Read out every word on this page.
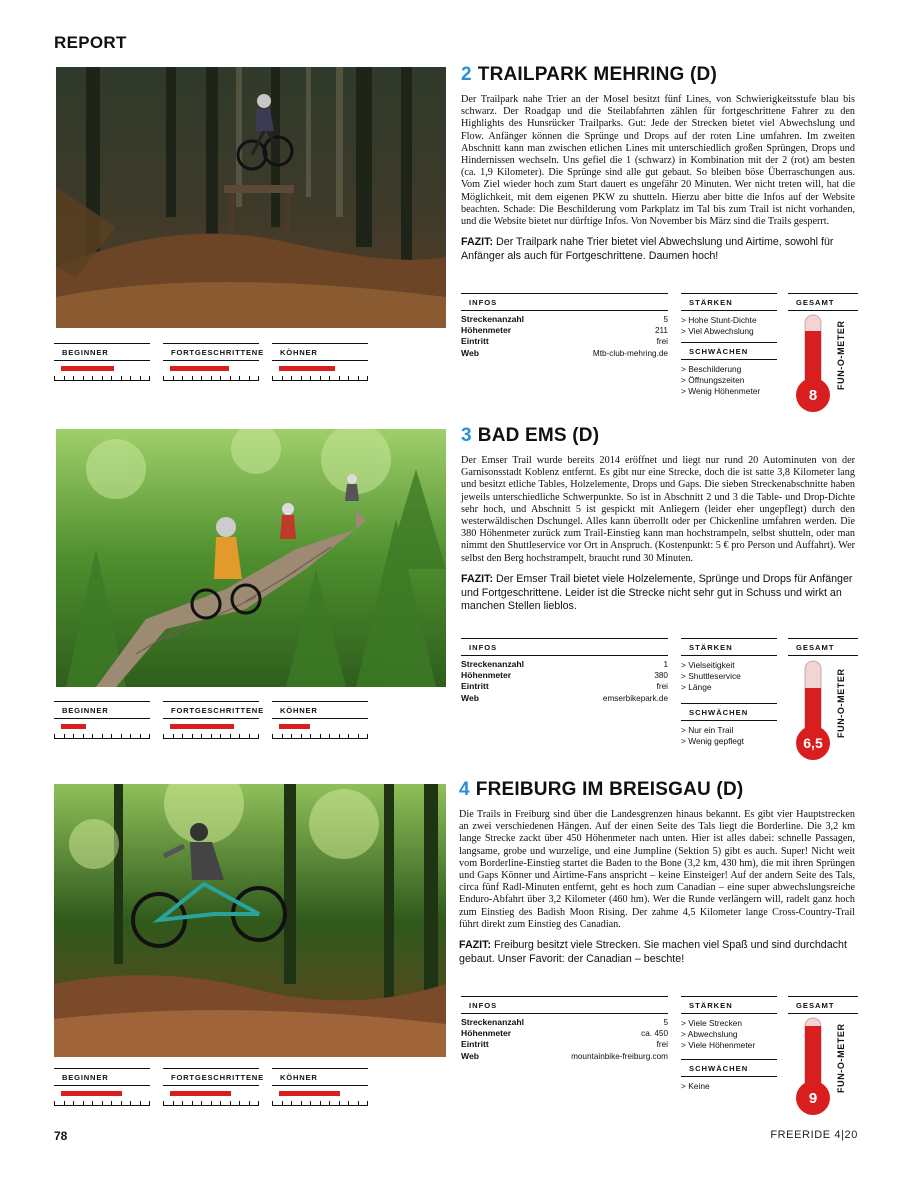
REPORT
BEGINNER	FORTGESCHRITTENE	KÖHNER
2 TRAILPARK MEHRING (D)

Der Trailpark nahe Trier an der Mosel besitzt fünf Lines, von Schwierigkeitsstufe blau bis schwarz. Der Roadgap und die Steilabfahrten zählen für fortgeschrittene Fahrer zu den Highlights des Hunsrücker Trailparks. Gut: Jede der Strecken bietet viel Abwechslung und Flow. Anfänger können die Sprünge und Drops auf der roten Line umfahren. Im zweiten Abschnitt kann man zwischen etlichen Lines mit unterschiedlich großen Sprüngen, Drops und Hindernissen wechseln. Uns gefiel die 1 (schwarz) in Kombination mit der 2 (rot) am besten (ca. 1,9 Kilometer). Die Sprünge sind alle gut gebaut. So bleiben böse Überraschungen aus. Vom Ziel wieder hoch zum Start dauert es ungefähr 20 Minuten. Wer nicht treten will, hat die Möglichkeit, mit dem eigenen PKW zu shutteln. Hierzu aber bitte die Infos auf der Website beachten. Schade: Die Beschilderung vom Parkplatz im Tal bis zum Trail ist nicht vorhanden, und die Website bietet nur dürftige Infos. Von November bis März sind die Trails gesperrt.

FAZIT: Der Trailpark nahe Trier bietet viel Abwechslung und Airtime, sowohl für Anfänger als auch für Fortgeschrittene. Daumen hoch!

INFOS
Streckenanzahl	5
Höhenmeter	211
Eintritt	frei
Web	Mtb-club-mehring.de
STÄRKEN
> Hohe Stunt-Dichte
> Viel Abwechslung
SCHWÄCHEN
> Beschilderung
> Öffnungszeiten
> Wenig Höhenmeter
GESAMT
8
FUN-O-METER
BEGINNER	FORTGESCHRITTENE	KÖHNER
3 BAD EMS (D)

Der Emser Trail wurde bereits 2014 eröffnet und liegt nur rund 20 Autominuten von der Garnisonsstadt Koblenz entfernt. Es gibt nur eine Strecke, doch die ist satte 3,8 Kilometer lang und besitzt etliche Tables, Holzelemente, Drops und Gaps. Die sieben Streckenabschnitte haben jeweils unterschiedliche Schwerpunkte. So ist in Abschnitt 2 und 3 die Table- und Drop-Dichte sehr hoch, und Abschnitt 5 ist gespickt mit Anliegern (leider eher ungepflegt) durch den westerwäldischen Dschungel. Alles kann überrollt oder per Chickenline umfahren werden. Die 380 Höhenmeter zurück zum Trail-Einstieg kann man hochstrampeln, selbst shutteln, oder man nimmt den Shuttleservice vor Ort in Anspruch. (Kostenpunkt: 5 € pro Person und Auffahrt). Wer selbst den Berg hochstrampelt, braucht rund 30 Minuten.

FAZIT: Der Emser Trail bietet viele Holzelemente, Sprünge und Drops für Anfänger und Fortgeschrittene. Leider ist die Strecke nicht sehr gut in Schuss und wirkt an manchen Stellen lieblos.

INFOS
Streckenanzahl	1
Höhenmeter	380
Eintritt	frei
Web	emserbikepark.de
STÄRKEN
> Vielseitigkeit
> Shuttleservice
> Länge
SCHWÄCHEN
> Nur ein Trail
> Wenig gepflegt
GESAMT
6,5
FUN-O-METER
BEGINNER	FORTGESCHRITTENE	KÖHNER
4 FREIBURG IM BREISGAU (D)

Die Trails in Freiburg sind über die Landesgrenzen hinaus bekannt. Es gibt vier Hauptstrecken an zwei verschiedenen Hängen. Auf der einen Seite des Tals liegt die Borderline. Die 3,2 km lange Strecke zackt über 450 Höhenmeter nach unten. Hier ist alles dabei: schnelle Passagen, langsame, grobe und wurzelige, und eine Jumpline (Sektion 5) gibt es auch. Super! Nicht weit vom Borderline-Einstieg startet die Baden to the Bone (3,2 km, 430 hm), die mit ihren Sprüngen und Gaps Könner und Airtime-Fans anspricht – keine Einsteiger! Auf der andern Seite des Tals, circa fünf Radl-Minuten entfernt, geht es hoch zum Canadian – eine super abwechslungsreiche Enduro-Abfahrt über 3,2 Kilometer (460 hm). Wer die Runde verlängern will, radelt ganz hoch zum Einstieg des Badish Moon Rising. Der zahme 4,5 Kilometer lange Cross-Country-Trail führt direkt zum Einstieg des Canadian.

FAZIT: Freiburg besitzt viele Strecken. Sie machen viel Spaß und sind durchdacht gebaut. Unser Favorit: der Canadian – beschte!

INFOS
Streckenanzahl	5
Höhenmeter	ca. 450
Eintritt	frei
Web	mountainbike-freiburg.com
STÄRKEN
> Viele Strecken
> Abwechslung
> Viele Höhenmeter
SCHWÄCHEN
> Keine
GESAMT
9
FUN-O-METER
78	FREERIDE 4|20
